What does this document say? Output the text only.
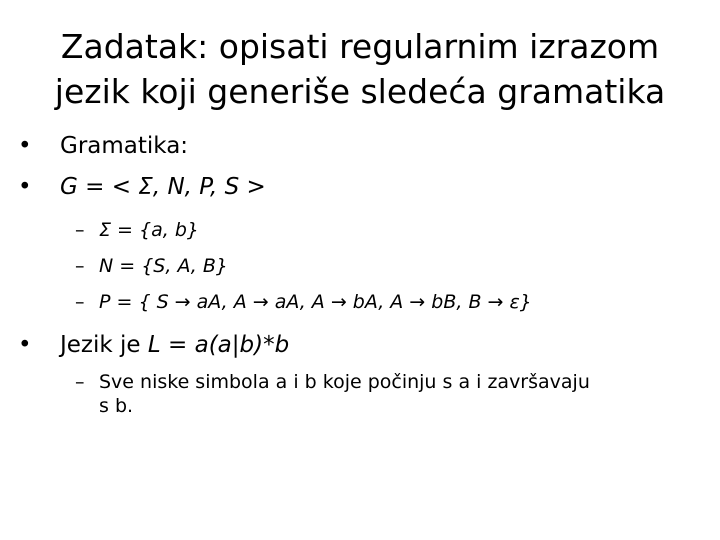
Zadatak: opisati regularnim izrazom
jezik koji generiše sledeća gramatika
• Gramatika:
• G = < Σ, N, P, S >
– Σ = {a, b}
– N = {S, A, B}
– P = { S → aA, A → aA, A → bA, A → bB, B → ε}
• Jezik je L = a(a|b)*b
– Sve niske simbola a i b koje počinju s a i završavaju
s b.
